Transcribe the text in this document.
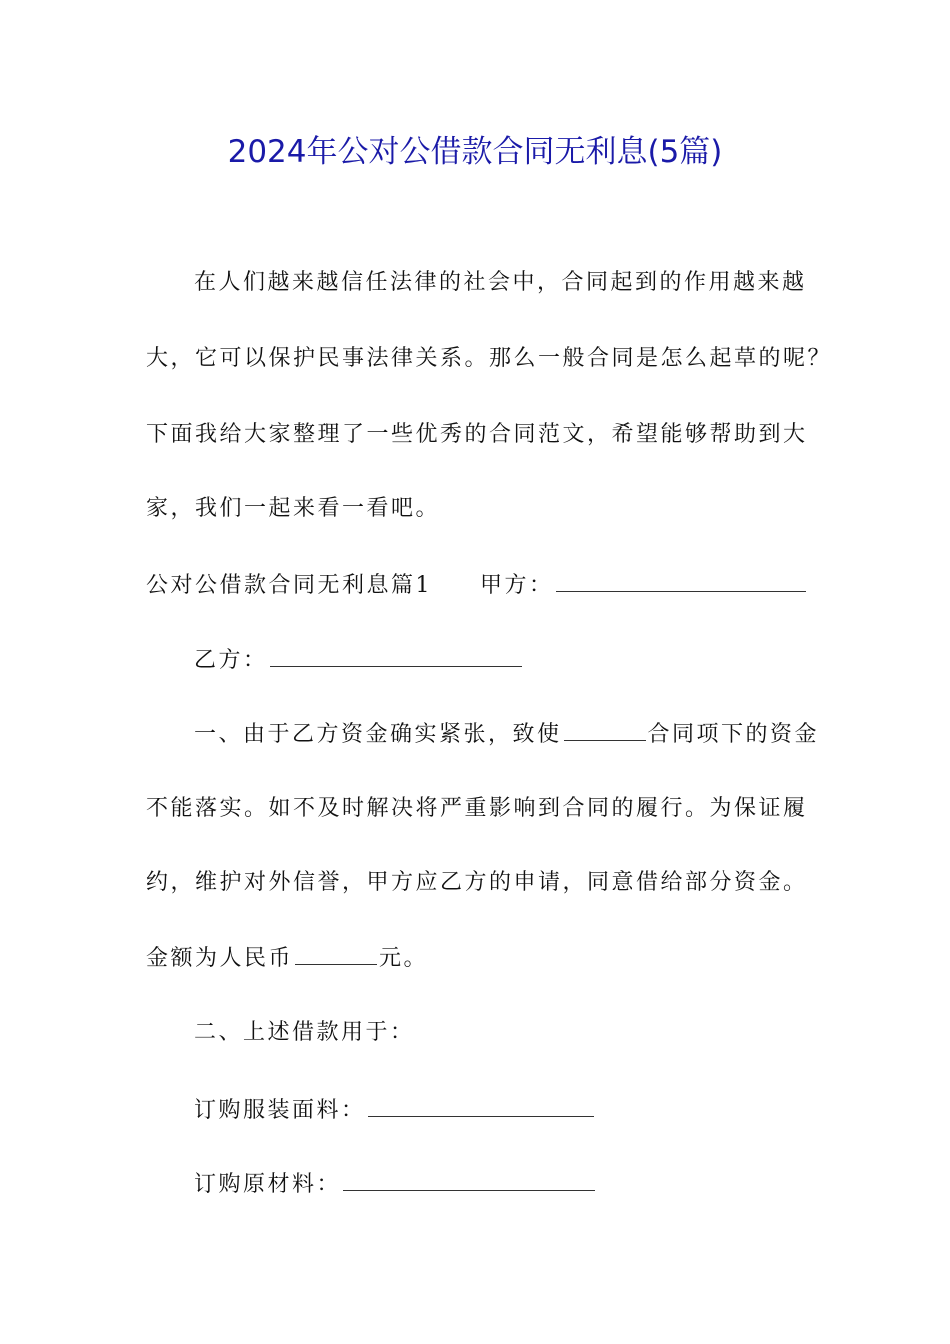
2024年公对公借款合同无利息(5篇)
在人们越来越信任法律的社会中，合同起到的作用越来越
大，它可以保护民事法律关系。那么一般合同是怎么起草的呢？
下面我给大家整理了一些优秀的合同范文，希望能够帮助到大
家，我们一起来看一看吧。
公对公借款合同无利息篇1 甲方：
乙方：
一、由于乙方资金确实紧张，致使	合同项下的资金
不能落实。如不及时解决将严重影响到合同的履行。为保证履
约，维护对外信誉，甲方应乙方的申请，同意借给部分资金。
金额为人民币	元。
二、上述借款用于：
订购服装面料：
订购原材料：
